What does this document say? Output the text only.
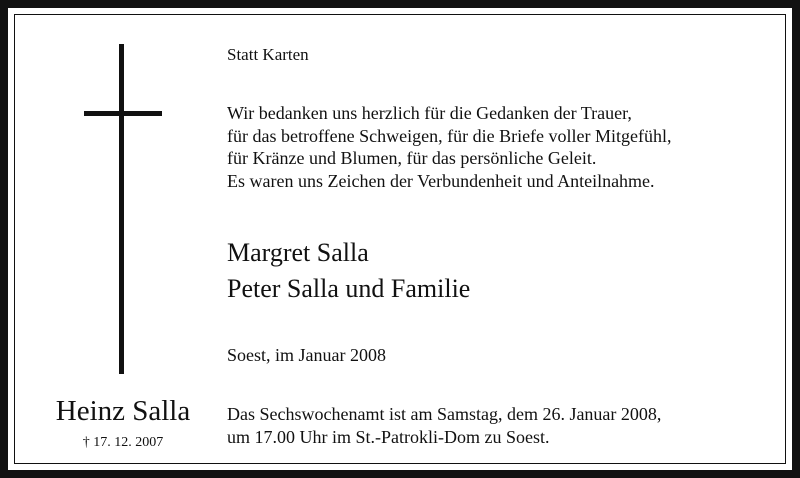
Heinz Salla
† 17. 12. 2007
Statt Karten
Wir bedanken uns herzlich für die Gedanken der Trauer,
für das betroffene Schweigen, für die Briefe voller Mitgefühl,
für Kränze und Blumen, für das persönliche Geleit.
Es waren uns Zeichen der Verbundenheit und Anteilnahme.
Margret Salla
Peter Salla und Familie
Soest, im Januar 2008
Das Sechswochenamt ist am Samstag, dem 26. Januar 2008,
um 17.00 Uhr im St.-Patrokli-Dom zu Soest.
